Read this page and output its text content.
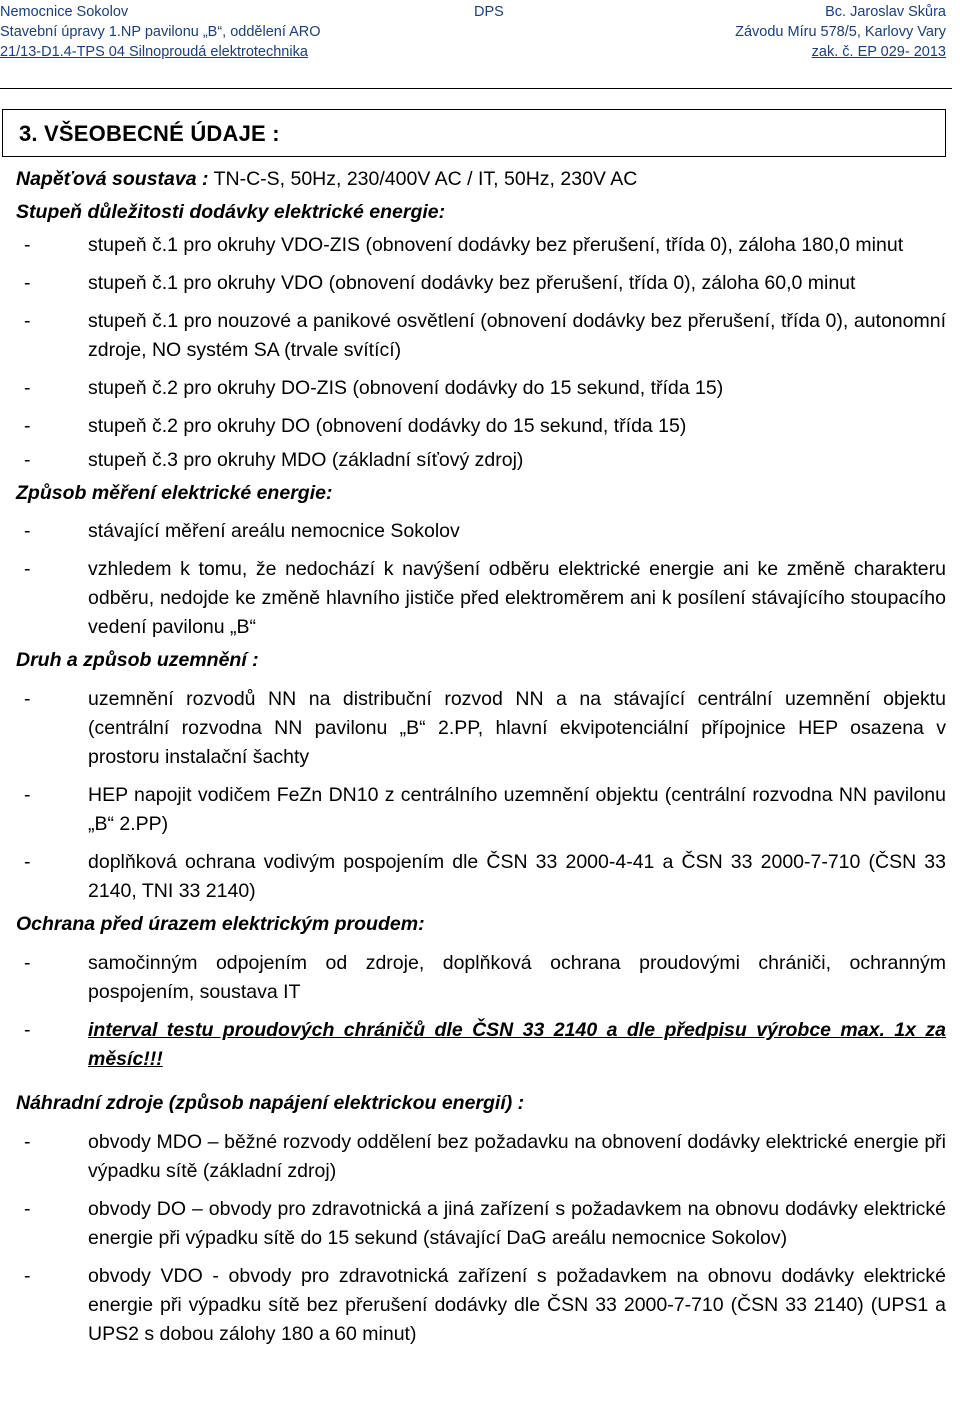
Nemocnice Sokolov
Stavební úpravy 1.NP pavilonu „B“, oddělení ARO
21/13-D1.4-TPS 04 Silnoproudá elektrotechnika
DPS	Bc. Jaroslav Skůra
Závodu Míru 578/5, Karlovy Vary
zak. č. EP 029- 2013
3. VŠEOBECNÉ ÚDAJE :

Napěťová soustava : TN-C-S, 50Hz, 230/400V AC / IT, 50Hz, 230V AC

Stupeň důležitosti dodávky elektrické energie:

-	stupeň č.1 pro okruhy VDO-ZIS (obnovení dodávky bez přerušení, třída 0), záloha 180,0 minut
-	stupeň č.1 pro okruhy VDO (obnovení dodávky bez přerušení, třída 0), záloha 60,0 minut
-	stupeň č.1 pro nouzové a panikové osvětlení (obnovení dodávky bez přerušení, třída 0), autonomní zdroje, NO systém SA (trvale svítící)
-	stupeň č.2 pro okruhy DO-ZIS (obnovení dodávky do 15 sekund, třída 15)
-	stupeň č.2 pro okruhy DO (obnovení dodávky do 15 sekund, třída 15)
-	stupeň č.3 pro okruhy MDO (základní síťový zdroj)

Způsob měření elektrické energie:

-	stávající měření areálu nemocnice Sokolov
-	vzhledem k tomu, že nedochází k navýšení odběru elektrické energie ani ke změně charakteru odběru, nedojde ke změně hlavního jističe před elektroměrem ani k posílení stávajícího stoupacího vedení pavilonu „B“

Druh a způsob uzemnění :

-	uzemnění rozvodů NN na distribuční rozvod NN a na stávající centrální uzemnění objektu (centrální rozvodna NN pavilonu „B“ 2.PP, hlavní ekvipotenciální přípojnice HEP osazena v prostoru instalační šachty
-	HEP napojit vodičem FeZn DN10 z centrálního uzemnění objektu (centrální rozvodna NN pavilonu „B“ 2.PP)
-	doplňková ochrana vodivým pospojením dle ČSN 33 2000-4-41 a ČSN 33 2000-7-710 (ČSN 33 2140, TNI 33 2140)

Ochrana před úrazem elektrickým proudem:

-	samočinným odpojením od zdroje, doplňková ochrana proudovými chrániči, ochranným pospojením, soustava IT
-	interval testu proudových chráničů dle ČSN 33 2140 a dle předpisu výrobce max. 1x za měsíc!!!

Náhradní zdroje (způsob napájení elektrickou energií) :

-	obvody MDO – běžné rozvody oddělení bez požadavku na obnovení dodávky elektrické energie při výpadku sítě (základní zdroj)
-	obvody DO – obvody pro zdravotnická a jiná zařízení s požadavkem na obnovu dodávky elektrické energie při výpadku sítě do 15 sekund (stávající DaG areálu nemocnice Sokolov)
-	obvody VDO - obvody pro zdravotnická zařízení s požadavkem na obnovu dodávky elektrické energie při výpadku sítě bez přerušení dodávky dle ČSN 33 2000-7-710 (ČSN 33 2140) (UPS1 a UPS2 s dobou zálohy 180 a 60 minut)
